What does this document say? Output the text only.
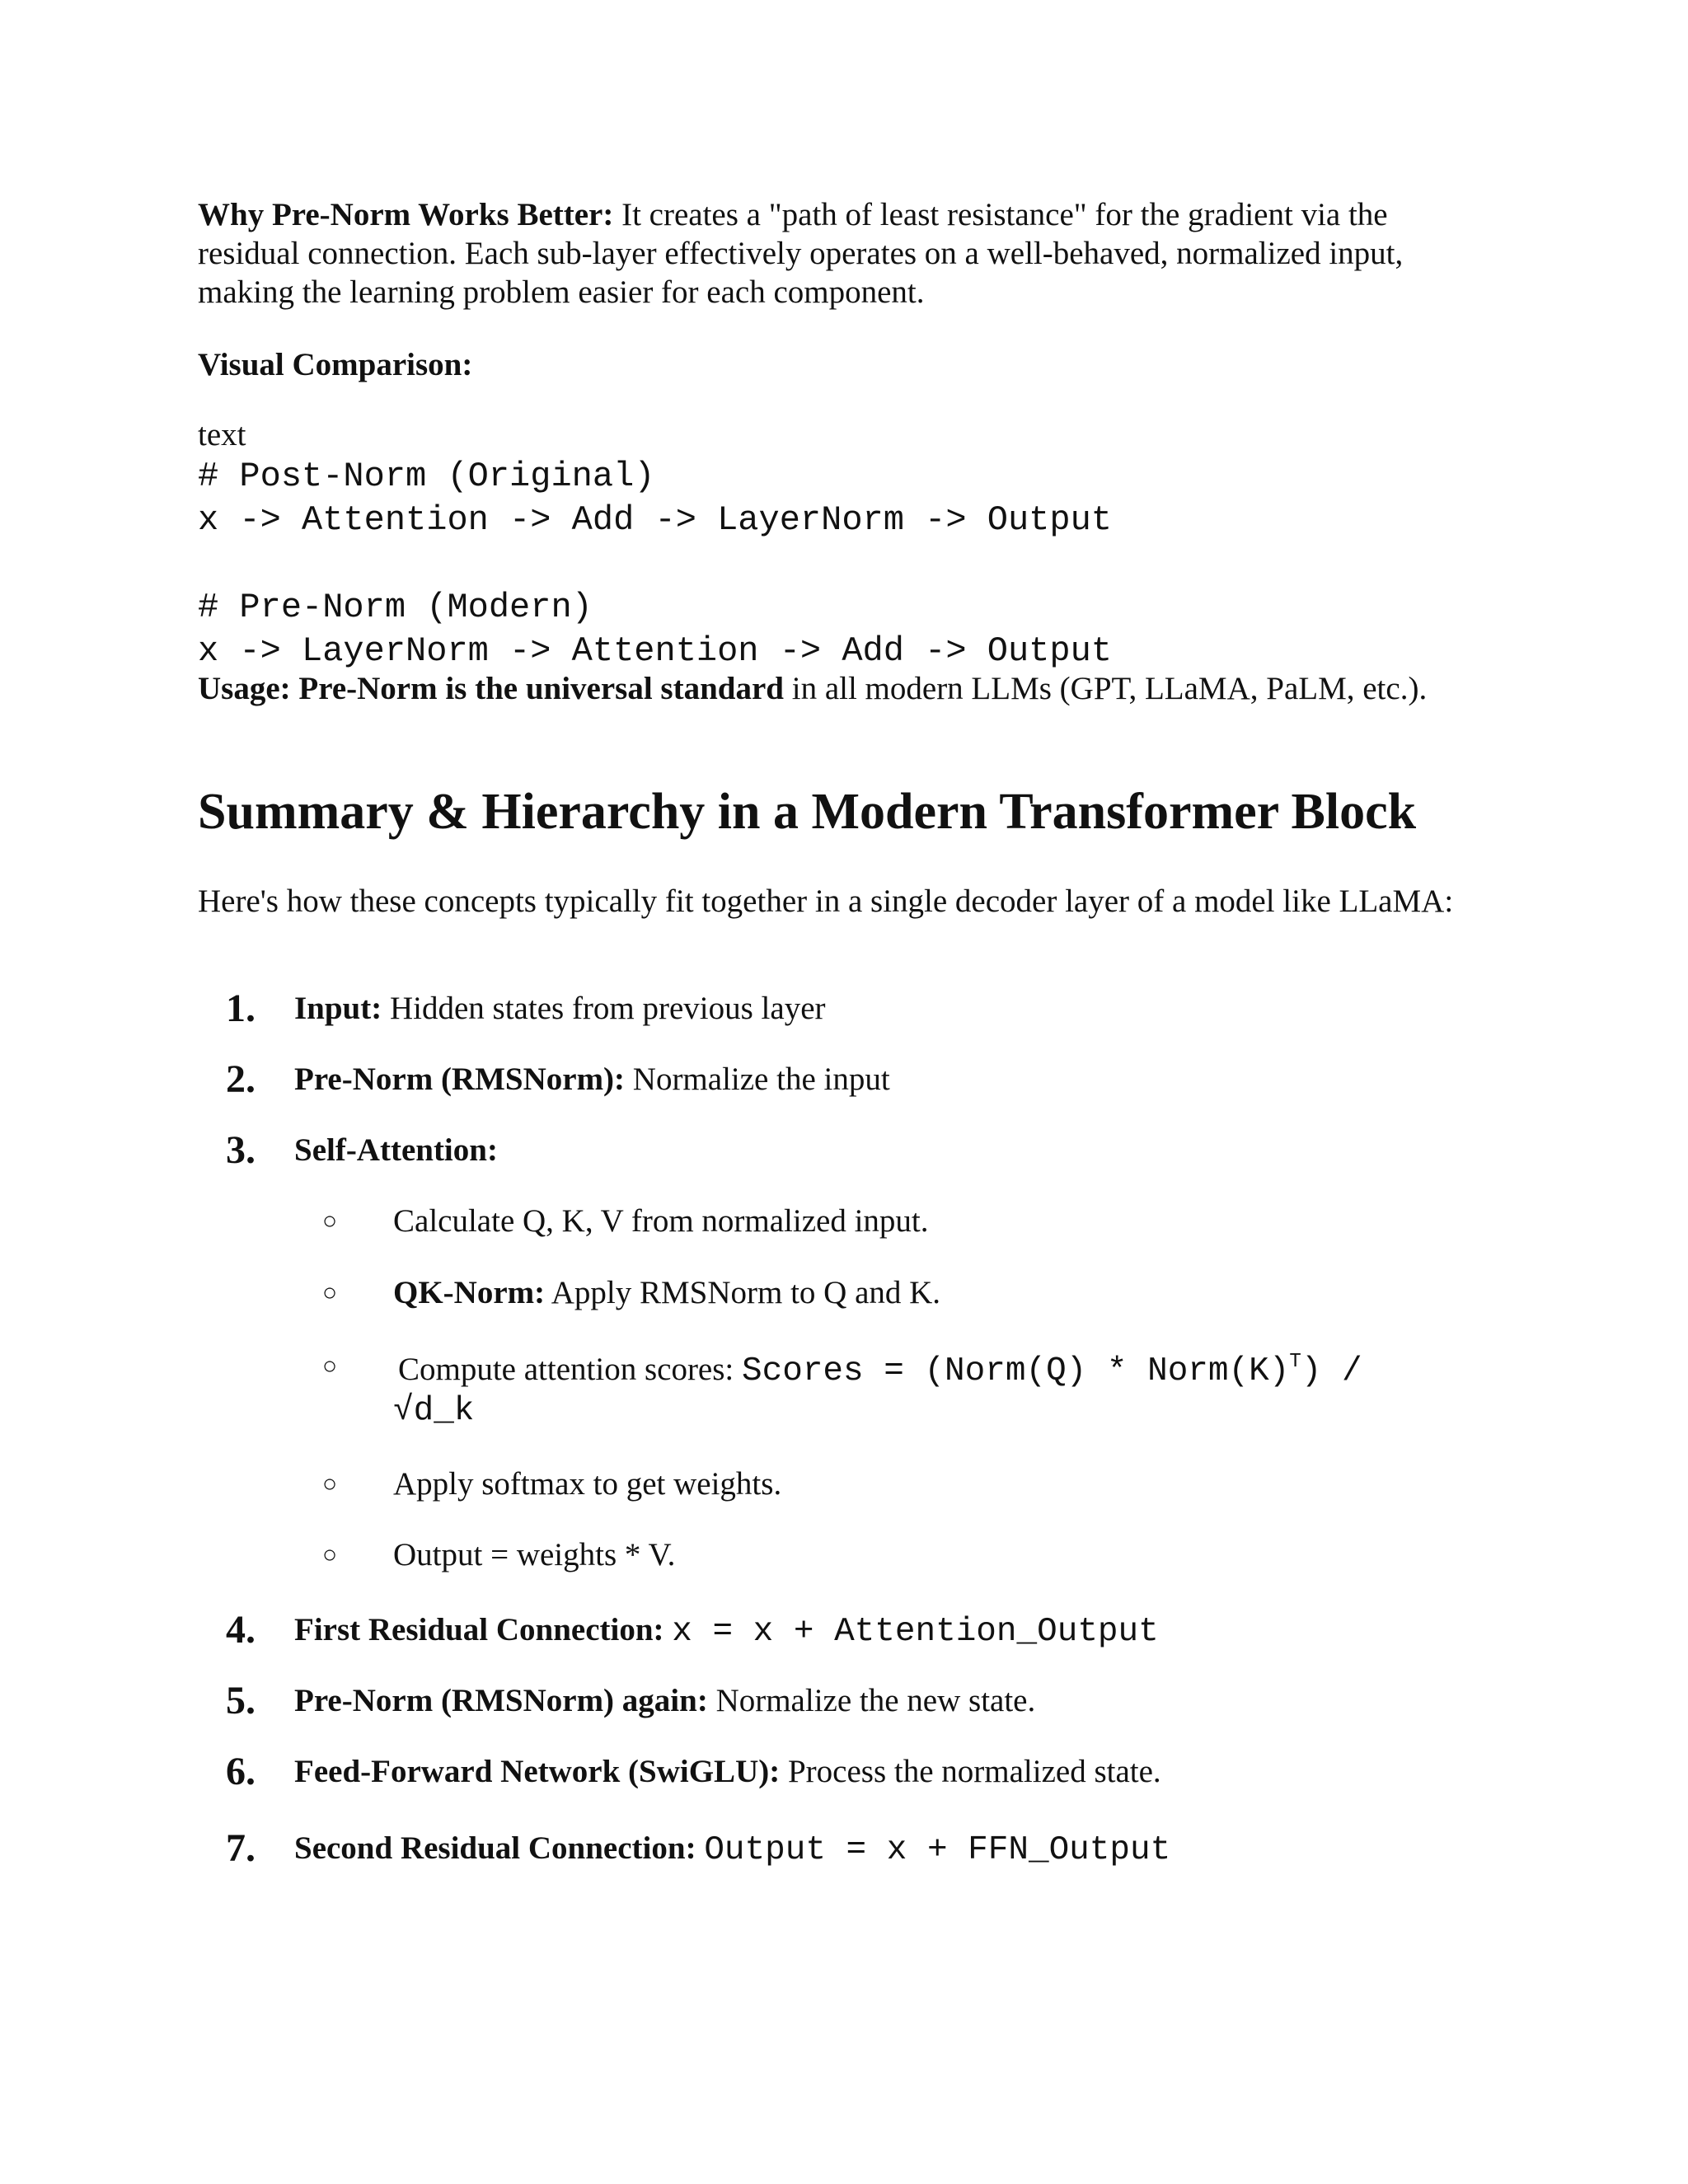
Why Pre-Norm Works Better: It creates a "path of least resistance" for the gradient via the residual connection. Each sub-layer effectively operates on a well-behaved, normalized input, making the learning problem easier for each component.
Visual Comparison:
text
# Post-Norm (Original)
x -> Attention -> Add -> LayerNorm -> Output
# Pre-Norm (Modern)
x -> LayerNorm -> Attention -> Add -> Output
Usage: Pre-Norm is the universal standard in all modern LLMs (GPT, LLaMA, PaLM, etc.).
Summary & Hierarchy in a Modern Transformer Block
Here's how these concepts typically fit together in a single decoder layer of a model like LLaMA:
1. Input: Hidden states from previous layer
2. Pre-Norm (RMSNorm): Normalize the input
3. Self-Attention:
○ Calculate Q, K, V from normalized input.
○ QK-Norm: Apply RMSNorm to Q and K.
○ Compute attention scores: Scores = (Norm(Q) * $Norm(K)^T$) /
√d_k
○ Apply softmax to get weights.
○ Output = weights * V.
4. First Residual Connection: x = x + Attention_Output
5. Pre-Norm (RMSNorm) again: Normalize the new state.
6. Feed-Forward Network (SwiGLU): Process the normalized state.
7. Second Residual Connection: Output = x + FFN_Output
